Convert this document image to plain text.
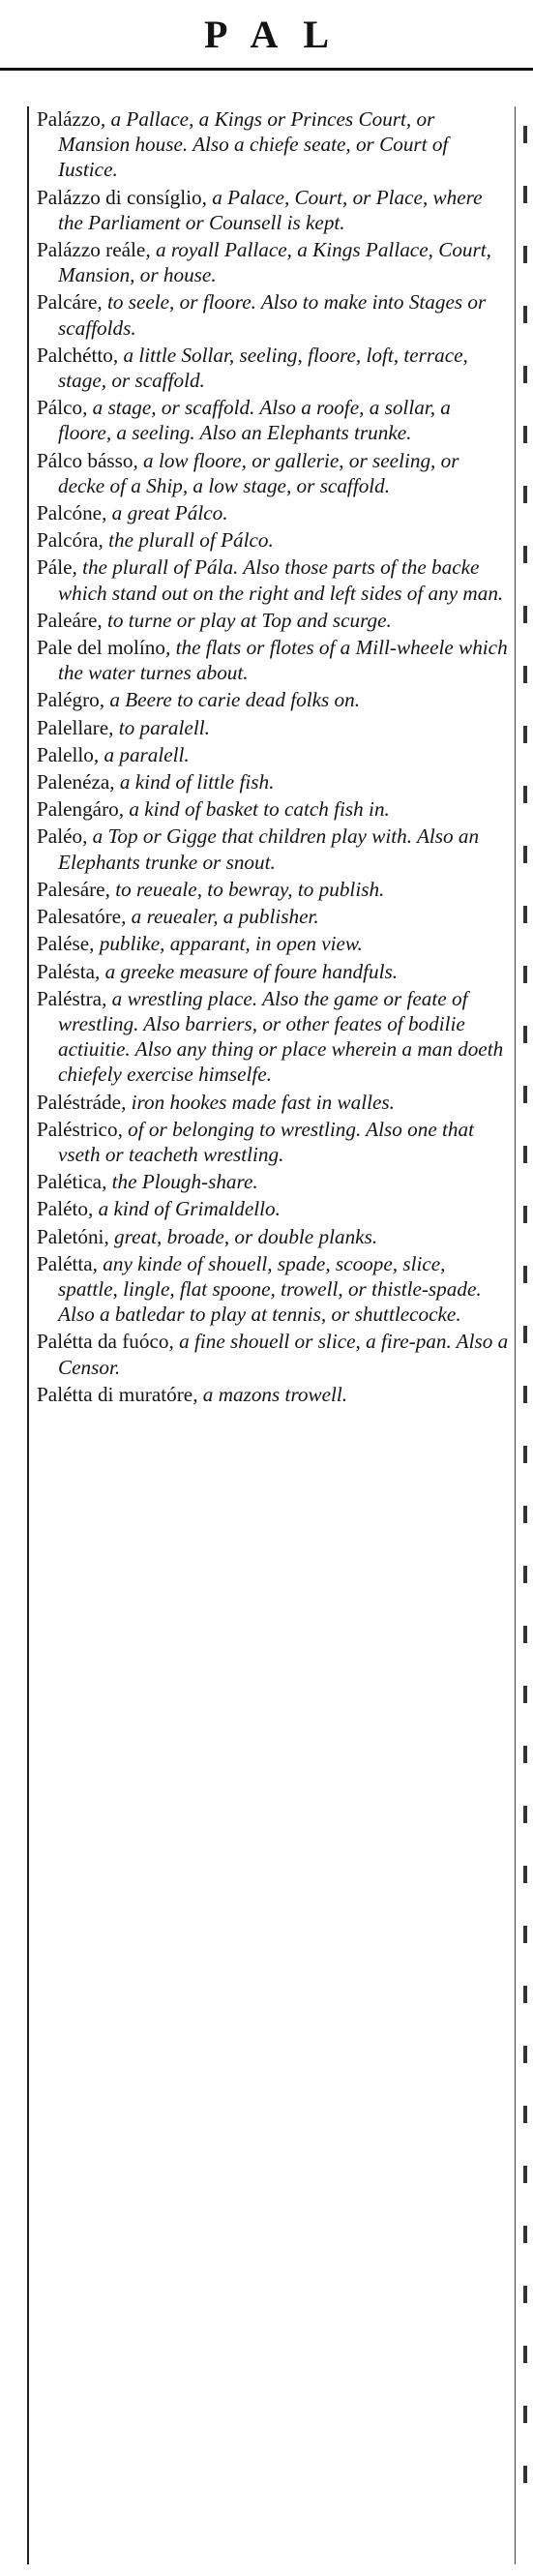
PAL

Palázzo, a Pallace, a Kings or Princes Court, or Mansion house. Also a chiefe seate, or Court of Iustice.

Palázzo di consíglio, a Palace, Court, or Place, where the Parliament or Counsell is kept.

Palázzo reále, a royall Pallace, a Kings Pallace, Court, Mansion, or house.

Palcáre, to seele, or floore. Also to make into Stages or scaffolds.

Palchétto, a little Sollar, seeling, floore, loft, terrace, stage, or scaffold.

Pálco, a stage, or scaffold. Also a roofe, a sollar, a floore, a seeling. Also an Elephants trunke.

Pálco básso, a low floore, or gallerie, or seeling, or decke of a Ship, a low stage, or scaffold.

Palcóne, a great Pálco.

Palcóra, the plurall of Pálco.

Pále, the plurall of Pála. Also those parts of the backe which stand out on the right and left sides of any man.

Paleáre, to turne or play at Top and scurge.

Pale del molíno, the flats or flotes of a Mill-wheele which the water turnes about.

Palégro, a Beere to carie dead folks on.

Palellare, to paralell.

Palello, a paralell.

Palenéza, a kind of little fish.

Palengáro, a kind of basket to catch fish in.

Paléo, a Top or Gigge that children play with. Also an Elephants trunke or snout.

Palesáre, to reueale, to bewray, to publish.

Palesatóre, a reuealer, a publisher.

Palése, publike, apparant, in open view.

Palésta, a greeke measure of foure handfuls.

Paléstra, a wrestling place. Also the game or feate of wrestling. Also barriers, or other feates of bodilie actiuitie. Also any thing or place wherein a man doeth chiefely exercise himselfe.

Paléstráde, iron hookes made fast in walles.

Paléstrico, of or belonging to wrestling. Also one that vseth or teacheth wrestling.

Palética, the Plough-share.

Paléto, a kind of Grimaldello.

Paletóni, great, broade, or double planks.

Palétta, any kinde of shouell, spade, scoope, slice, spattle, lingle, flat spoone, trowell, or thistle-spade. Also a batledar to play at tennis, or shuttlecocke.

Palétta da fuóco, a fine shouell or slice, a fire-pan. Also a Censor.

Palétta di muratóre, a mazons trowell.
